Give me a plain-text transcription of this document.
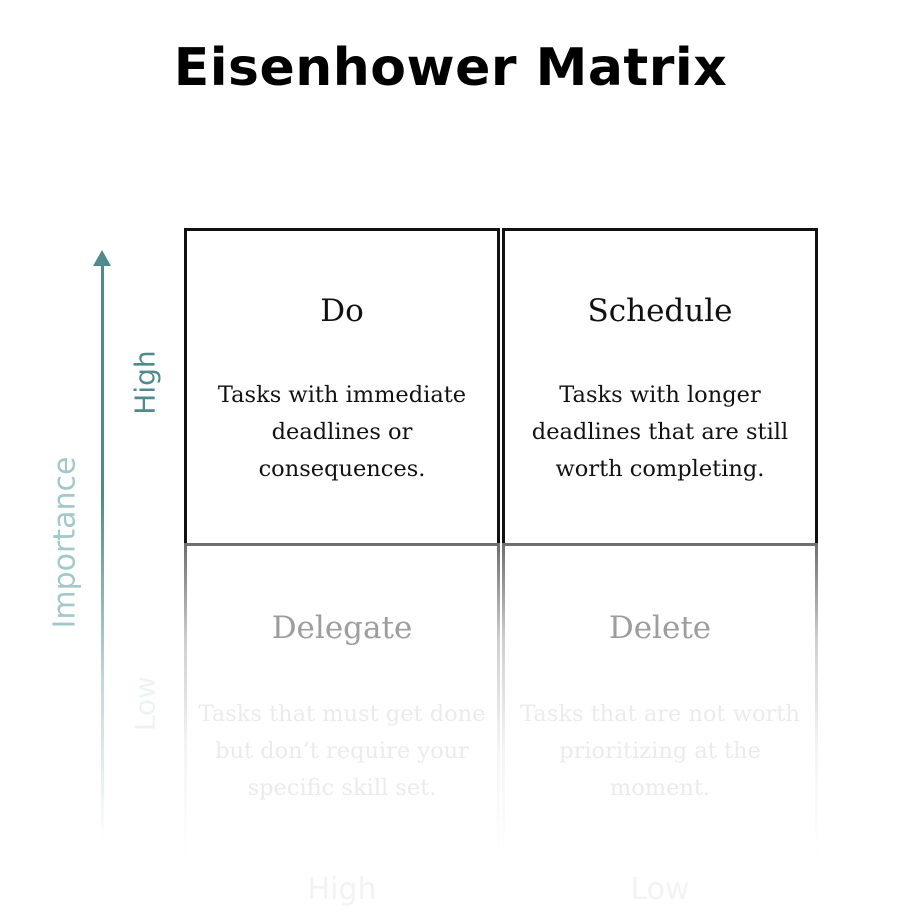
Eisenhower Matrix
Importance
High
Low
Do
Tasks with immediate deadlines or consequences.
Schedule
Tasks with longer deadlines that are still worth completing.
Delegate
Tasks that must get done but don’t require your specific skill set.
Delete
Tasks that are not worth prioritizing at the moment.
High	Low
